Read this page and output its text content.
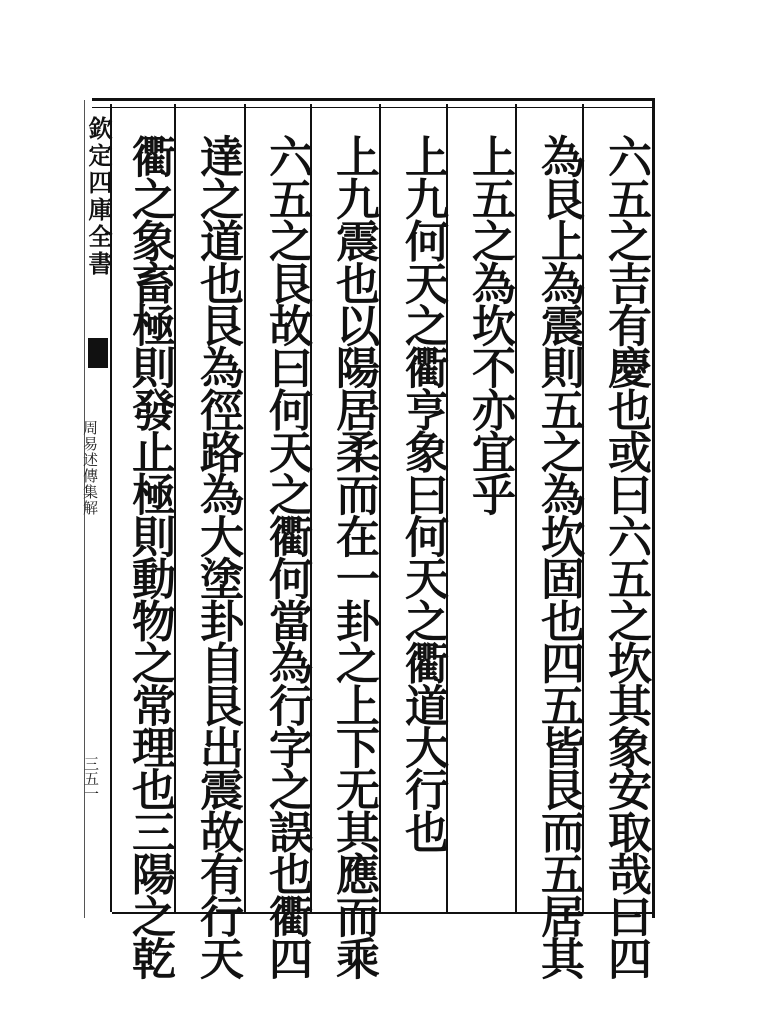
欽定四庫全書
周易述傳集解
三五一	六五之吉有慶也或曰六五之坎其象安取哉曰四
為艮上為震則五之為坎固也四五皆艮而五居其
上五之為坎不亦宜乎
上九何天之衢亨象曰何天之衢道大行也
上九震也以陽居柔而在一卦之上下无其應而乘
六五之艮故曰何天之衢何當為行字之誤也衢四
達之道也艮為徑路為大塗卦自艮出震故有行天
衢之象畜極則發止極則動物之常理也三陽之乾
